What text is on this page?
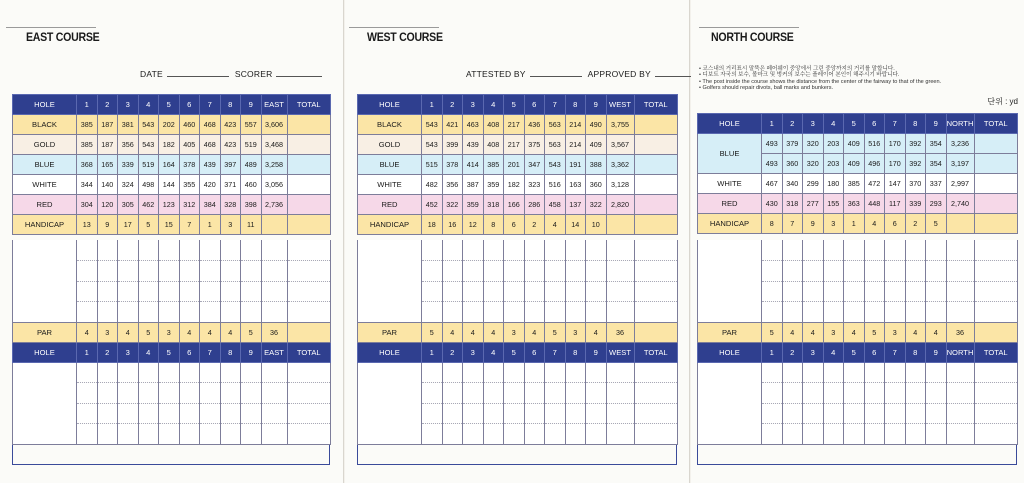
EAST COURSE
DATE	SCORER
HOLE	1	2	3	4	5	6	7	8	9	EAST	TOTAL
BLACK	385	187	381	543	202	460	468	423	557	3,606	
GOLD	385	187	356	543	182	405	468	423	519	3,468	
BLUE	368	165	339	519	164	378	439	397	489	3,258	
WHITE	344	140	324	498	144	355	420	371	460	3,056	
RED	304	120	305	462	123	312	384	328	398	2,736	
HANDICAP	13	9	17	5	15	7	1	3	11		

PAR	4	3	4	5	3	4	4	4	5	36	
HOLE	1	2	3	4	5	6	7	8	9	EAST	TOTAL

WEST COURSE
ATTESTED BY	APPROVED BY
HOLE	1	2	3	4	5	6	7	8	9	WEST	TOTAL
BLACK	543	421	463	408	217	436	563	214	490	3,755	
GOLD	543	399	439	408	217	375	563	214	409	3,567	
BLUE	515	378	414	385	201	347	543	191	388	3,362	
WHITE	482	356	387	359	182	323	516	163	360	3,128	
RED	452	322	359	318	166	286	458	137	322	2,820	
HANDICAP	18	16	12	8	6	2	4	14	10		

PAR	5	4	4	4	3	4	5	3	4	36	
HOLE	1	2	3	4	5	6	7	8	9	WEST	TOTAL

NORTH COURSE
• 코스내의 거리표시 말뚝은 페어웨이 중앙에서 그린 중앙까지의 거리를 말합니다.
• 디보트 자국의 보수, 볼마크 및 벙커의 보수는 플레이어 본인이 해주시기 바랍니다.
• The post inside the course shows the distance from the center of the fairway to that of the green.
• Golfers should repair divots, ball marks and bunkers.
단위 : yd
HOLE	1	2	3	4	5	6	7	8	9	NORTH	TOTAL
BLUE	493	379	320	203	409	516	170	392	354	3,236	
	493	360	320	203	409	496	170	392	354	3,197	
WHITE	467	340	299	180	385	472	147	370	337	2,997	
RED	430	318	277	155	363	448	117	339	293	2,740	
HANDICAP	8	7	9	3	1	4	6	2	5		

PAR	5	4	4	3	4	5	3	4	4	36	
HOLE	1	2	3	4	5	6	7	8	9	NORTH	TOTAL
